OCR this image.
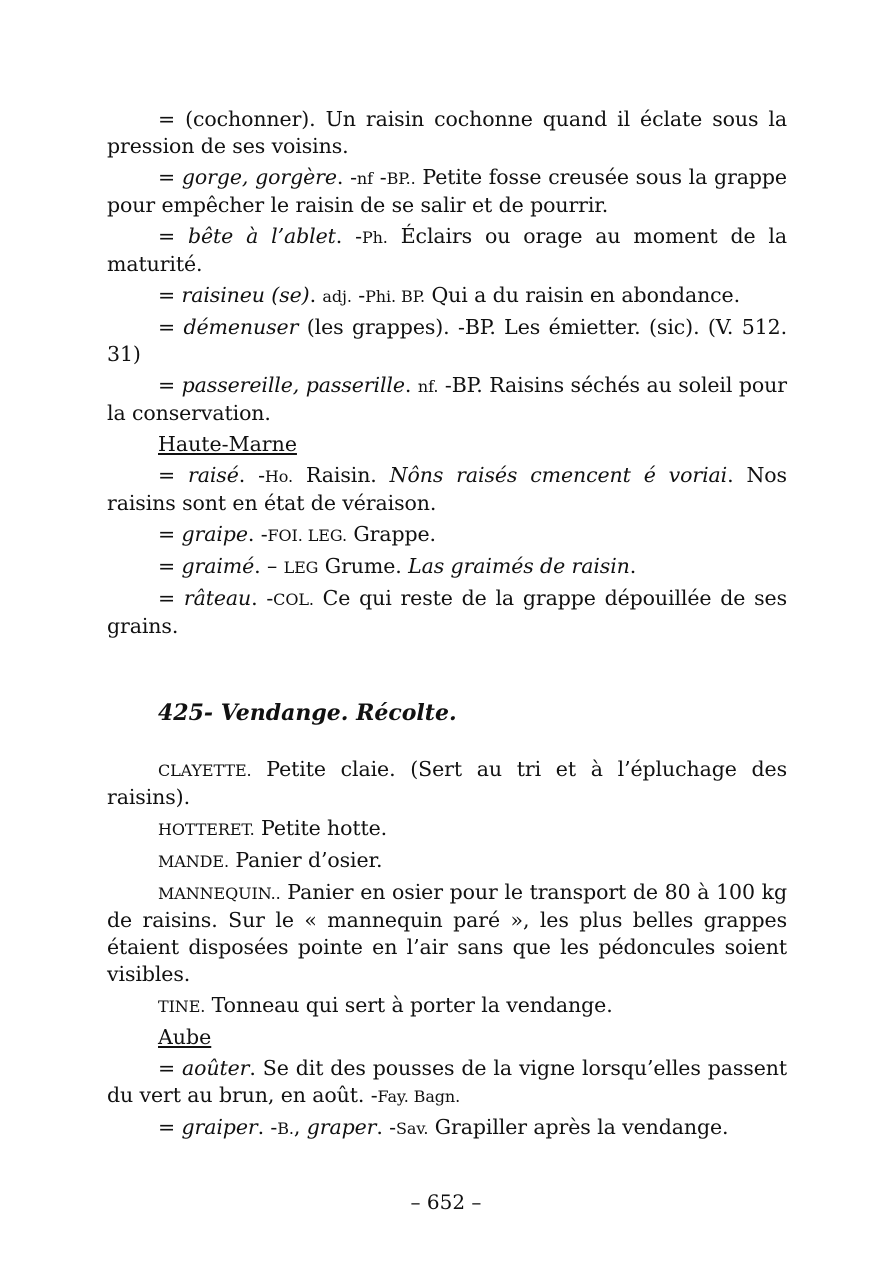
= (cochonner). Un raisin cochonne quand il éclate sous la pression de ses voisins.

= gorge, gorgère. -nf -BP.. Petite fosse creusée sous la grappe pour empêcher le raisin de se salir et de pourrir.

= bête à l’ablet. -Ph. Éclairs ou orage au moment de la maturité.

= raisineu (se). adj. -Phi. BP. Qui a du raisin en abondance.

= démenuser (les grappes). -BP. Les émietter. (sic). (V. 512. 31)

= passereille, passerille. nf. -BP. Raisins séchés au soleil pour la conservation.

Haute-Marne

= raisé. -Ho. Raisin. Nôns raisés cmencent é voriai. Nos raisins sont en état de véraison.

= graipe. -FOI. LEG. Grappe.

= graimé. – LEG Grume. Las graimés de raisin.

= râteau. -COL. Ce qui reste de la grappe dépouillée de ses grains.

425- Vendange. Récolte.

CLAYETTE. Petite claie. (Sert au tri et à l’épluchage des raisins).

HOTTERET. Petite hotte.

MANDE. Panier d’osier.

MANNEQUIN.. Panier en osier pour le transport de 80 à 100 kg de raisins. Sur le « mannequin paré », les plus belles grappes étaient disposées pointe en l’air sans que les pédoncules soient visibles.

TINE. Tonneau qui sert à porter la vendange.

Aube

= aoûter. Se dit des pousses de la vigne lorsqu’elles passent du vert au brun, en août. -Fay. Bagn.

= graiper. -B., graper. -Sav. Grapiller après la vendange.

– 652 –
